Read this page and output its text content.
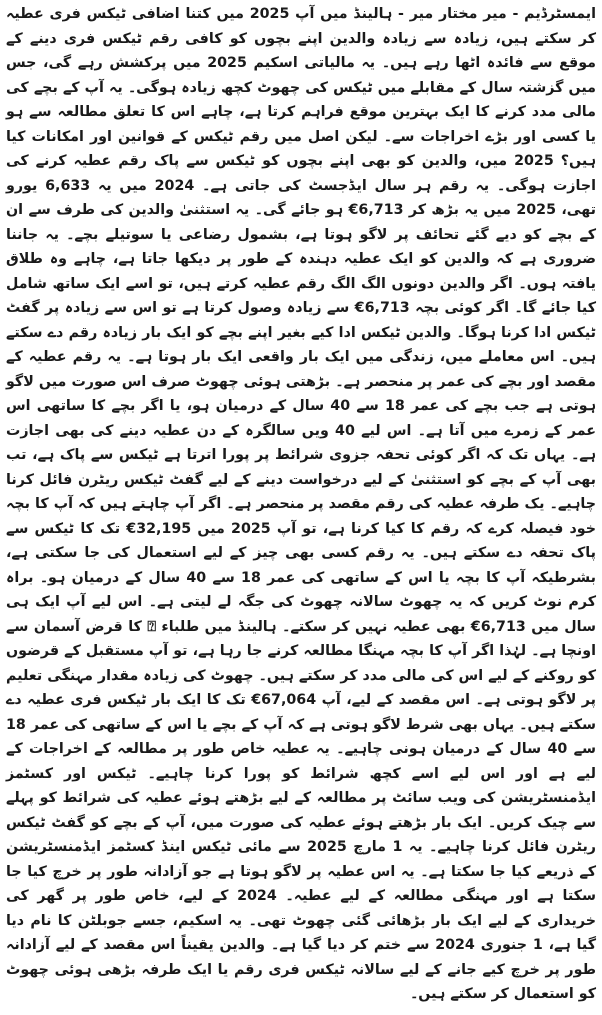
ایمسٹرڈیم - میر مختار میر - ہالینڈ میں آپ 2025 میں کتنا اضافی ٹیکس فری عطیہ کر سکتے ہیں، زیادہ سے زیادہ والدین اپنے بچوں کو کافی رقم ٹیکس فری دینے کے موقع سے فائدہ اٹھا رہے ہیں۔ یہ مالیاتی اسکیم 2025 میں پرکشش رہے گی، جس میں گزشتہ سال کے مقابلے میں ٹیکس کی چھوٹ کچھ زیادہ ہوگی۔ یہ آپ کے بچے کی مالی مدد کرنے کا ایک بہترین موقع فراہم کرتا ہے، چاہے اس کا تعلق مطالعہ سے ہو یا کسی اور بڑے اخراجات سے۔ لیکن اصل میں رقم ٹیکس کے قوانین اور امکانات کیا ہیں؟ 2025 میں، والدین کو بھی اپنے بچوں کو ٹیکس سے پاک رقم عطیہ کرنے کی اجازت ہوگی۔ یہ رقم ہر سال ایڈجسٹ کی جاتی ہے۔ 2024 میں یہ 6,633 یورو تھی، 2025 میں یہ بڑھ کر 6,713€ ہو جائے گی۔ یہ استثنیٰ والدین کی طرف سے ان کے بچے کو دیے گئے تحائف پر لاگو ہوتا ہے، بشمول رضاعی یا سوتیلے بچے۔ یہ جاننا ضروری ہے کہ والدین کو ایک عطیہ دہندہ کے طور پر دیکھا جاتا ہے، چاہے وہ طلاق یافتہ ہوں۔ اگر والدین دونوں الگ الگ رقم عطیہ کرتے ہیں، تو اسے ایک ساتھ شامل کیا جائے گا۔ اگر کوئی بچہ 6,713€ سے زیادہ وصول کرتا ہے تو اس سے زیادہ پر گفٹ ٹیکس ادا کرنا ہوگا۔ والدین ٹیکس ادا کیے بغیر اپنے بچے کو ایک بار زیادہ رقم دے سکتے ہیں۔ اس معاملے میں، زندگی میں ایک بار واقعی ایک بار ہوتا ہے۔ یہ رقم عطیہ کے مقصد اور بچے کی عمر پر منحصر ہے۔ بڑھتی ہوئی چھوٹ صرف اس صورت میں لاگو ہوتی ہے جب بچے کی عمر 18 سے 40 سال کے درمیان ہو، یا اگر بچے کا ساتھی اس عمر کے زمرے میں آتا ہے۔ اس لیے 40 ویں سالگرہ کے دن عطیہ دینے کی بھی اجازت ہے۔ یہاں تک کہ اگر کوئی تحفہ جزوی شرائط پر پورا اترتا ہے ٹیکس سے پاک ہے، تب بھی آپ کے بچے کو استثنیٰ کے لیے درخواست دینے کے لیے گفٹ ٹیکس ریٹرن فائل کرنا چاہیے۔ یک طرفہ عطیہ کی رقم مقصد پر منحصر ہے۔ اگر آپ چاہتے ہیں کہ آپ کا بچہ خود فیصلہ کرے کہ رقم کا کیا کرنا ہے، تو آپ 2025 میں 32,195€ تک کا ٹیکس سے پاک تحفہ دے سکتے ہیں۔ یہ رقم کسی بھی چیز کے لیے استعمال کی جا سکتی ہے، بشرطیکہ آپ کا بچہ یا اس کے ساتھی کی عمر 18 سے 40 سال کے درمیان ہو۔ براہ کرم نوٹ کریں کہ یہ چھوٹ سالانہ چھوٹ کی جگہ لے لیتی ہے۔ اس لیے آپ ایک ہی سال میں 6,713€ بھی عطیہ نہیں کر سکتے۔ ہالینڈ میں طلباء ⍰ کا قرض آسمان سے اونچا ہے۔ لہٰذا اگر آپ کا بچہ مہنگا مطالعہ کرنے جا رہا ہے، تو آپ مستقبل کے قرضوں کو روکنے کے لیے اس کی مالی مدد کر سکتے ہیں۔ چھوٹ کی زیادہ مقدار مہنگی تعلیم پر لاگو ہوتی ہے۔ اس مقصد کے لیے، آپ 67,064€ تک کا ایک بار ٹیکس فری عطیہ دے سکتے ہیں۔ یہاں بھی شرط لاگو ہوتی ہے کہ آپ کے بچے یا اس کے ساتھی کی عمر 18 سے 40 سال کے درمیان ہونی چاہیے۔ یہ عطیہ خاص طور پر مطالعہ کے اخراجات کے لیے ہے اور اس لیے اسے کچھ شرائط کو پورا کرنا چاہیے۔ ٹیکس اور کسٹمز ایڈمنسٹریشن کی ویب سائٹ پر مطالعہ کے لیے بڑھتے ہوئے عطیہ کی شرائط کو پہلے سے چیک کریں۔ ایک بار بڑھتے ہوئے عطیہ کی صورت میں، آپ کے بچے کو گفٹ ٹیکس ریٹرن فائل کرنا چاہیے۔ یہ 1 مارچ 2025 سے مائی ٹیکس اینڈ کسٹمز ایڈمنسٹریشن کے ذریعے کیا جا سکتا ہے۔ یہ اس عطیہ پر لاگو ہوتا ہے جو آزادانہ طور پر خرچ کیا جا سکتا ہے اور مہنگی مطالعہ کے لیے عطیہ۔ 2024 کے لیے، خاص طور پر گھر کی خریداری کے لیے ایک بار بڑھائی گئی چھوٹ تھی۔ یہ اسکیم، جسے جوبلٹن کا نام دیا گیا ہے، 1 جنوری 2024 سے ختم کر دیا گیا ہے۔ والدین یقیناً اس مقصد کے لیے آزادانہ طور پر خرچ کیے جانے کے لیے سالانہ ٹیکس فری رقم یا ایک طرفہ بڑھی ہوئی چھوٹ کو استعمال کر سکتے ہیں۔
